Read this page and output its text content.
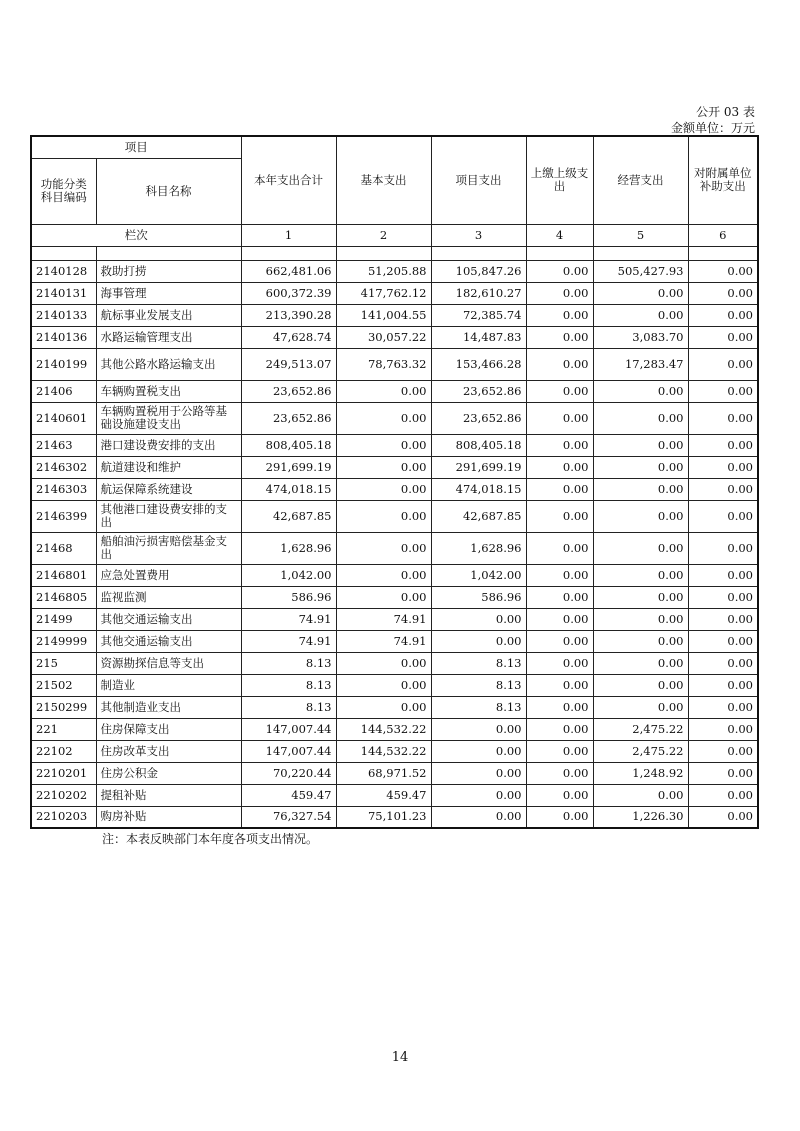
公开 03 表
金额单位：万元
项目		本年支出合计	基本支出	项目支出	上缴上级支出	经营支出	对附属单位补助支出
功能分类科目编码	科目名称						
栏次		1	2	3	4	5	6

2140128	救助打捞	662,481.06	51,205.88	105,847.26	0.00	505,427.93	0.00
2140131	海事管理	600,372.39	417,762.12	182,610.27	0.00	0.00	0.00
2140133	航标事业发展支出	213,390.28	141,004.55	72,385.74	0.00	0.00	0.00
2140136	水路运输管理支出	47,628.74	30,057.22	14,487.83	0.00	3,083.70	0.00
2140199	其他公路水路运输支出	249,513.07	78,763.32	153,466.28	0.00	17,283.47	0.00
21406	车辆购置税支出	23,652.86	0.00	23,652.86	0.00	0.00	0.00
2140601	车辆购置税用于公路等基础设施建设支出	23,652.86	0.00	23,652.86	0.00	0.00	0.00
21463	港口建设费安排的支出	808,405.18	0.00	808,405.18	0.00	0.00	0.00
2146302	航道建设和维护	291,699.19	0.00	291,699.19	0.00	0.00	0.00
2146303	航运保障系统建设	474,018.15	0.00	474,018.15	0.00	0.00	0.00
2146399	其他港口建设费安排的支出	42,687.85	0.00	42,687.85	0.00	0.00	0.00
21468	船舶油污损害赔偿基金支出	1,628.96	0.00	1,628.96	0.00	0.00	0.00
2146801	应急处置费用	1,042.00	0.00	1,042.00	0.00	0.00	0.00
2146805	监视监测	586.96	0.00	586.96	0.00	0.00	0.00
21499	其他交通运输支出	74.91	74.91	0.00	0.00	0.00	0.00
2149999	其他交通运输支出	74.91	74.91	0.00	0.00	0.00	0.00
215	资源勘探信息等支出	8.13	0.00	8.13	0.00	0.00	0.00
21502	制造业	8.13	0.00	8.13	0.00	0.00	0.00
2150299	其他制造业支出	8.13	0.00	8.13	0.00	0.00	0.00
221	住房保障支出	147,007.44	144,532.22	0.00	0.00	2,475.22	0.00
22102	住房改革支出	147,007.44	144,532.22	0.00	0.00	2,475.22	0.00
2210201	住房公积金	70,220.44	68,971.52	0.00	0.00	1,248.92	0.00
2210202	提租补贴	459.47	459.47	0.00	0.00	0.00	0.00
2210203	购房补贴	76,327.54	75,101.23	0.00	0.00	1,226.30	0.00
注：本表反映部门本年度各项支出情况。
14
